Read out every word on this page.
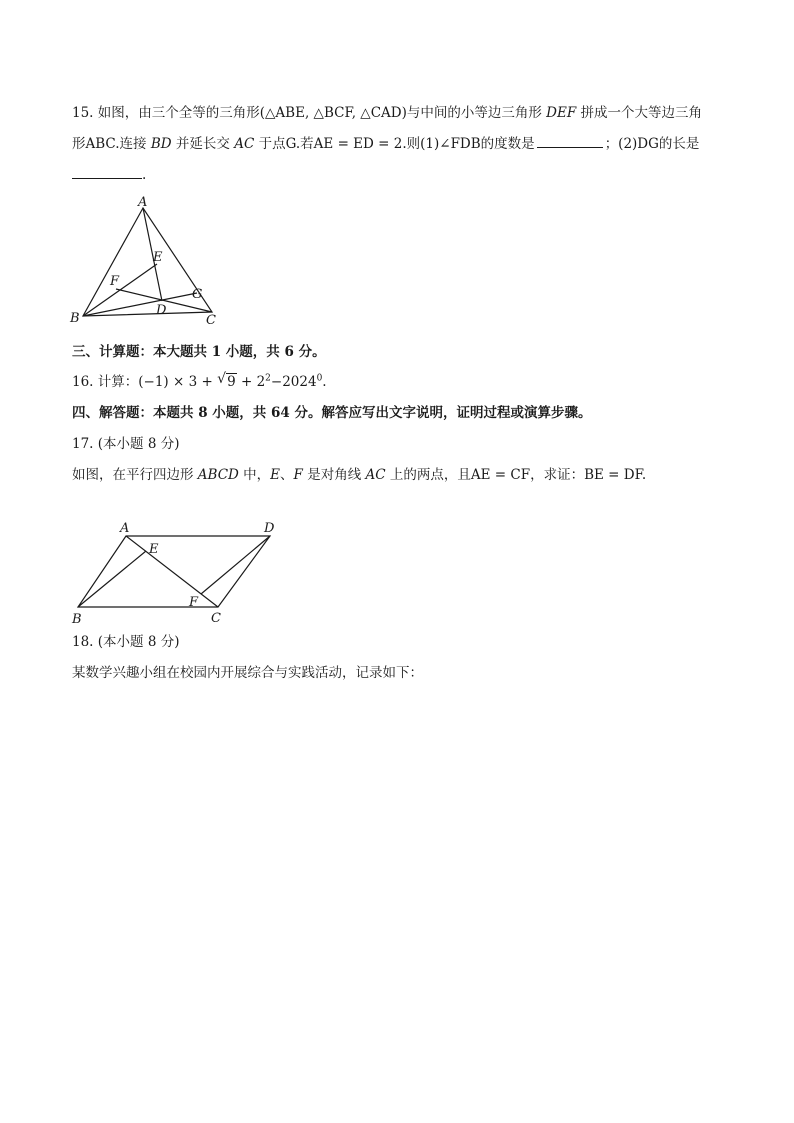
15. 如图，由三个全等的三角形(△ABE, △BCF, △CAD)与中间的小等边三角形 DEF 拼成一个大等边三角
形ABC.连接 BD 并延长交 AC 于点G.若AE = ED = 2.则(1)∠FDB的度数是	；(2)DG的长是
.
A
B	C
D
E
F
G
三、计算题：本大题共 1 小题，共 6 分。
16. 计算：(−1) × 3 + √ $9 + 2^2-2024^0$.
四、解答题：本题共 8 小题，共 64 分。解答应写出文字说明，证明过程或演算步骤。
17. (本小题 8 分)
如图，在平行四边形 ABCD 中，E、F 是对角线 AC 上的两点，且AE = CF，求证：BE = DF.
A	D
B	C
E
F
18. (本小题 8 分)
某数学兴趣小组在校园内开展综合与实践活动，记录如下：
